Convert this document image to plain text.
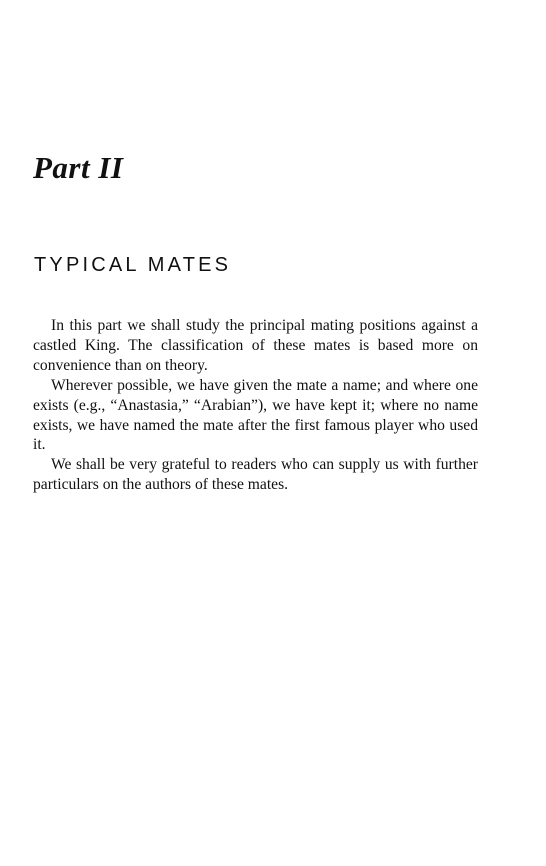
Part II
TYPICAL MATES

In this part we shall study the principal mating positions against a castled King. The classification of these mates is based more on convenience than on theory.

Wherever possible, we have given the mate a name; and where one exists (e.g., “Anastasia,” “Arabian”), we have kept it; where no name exists, we have named the mate after the first famous player who used it.

We shall be very grateful to readers who can supply us with further particulars on the authors of these mates.
